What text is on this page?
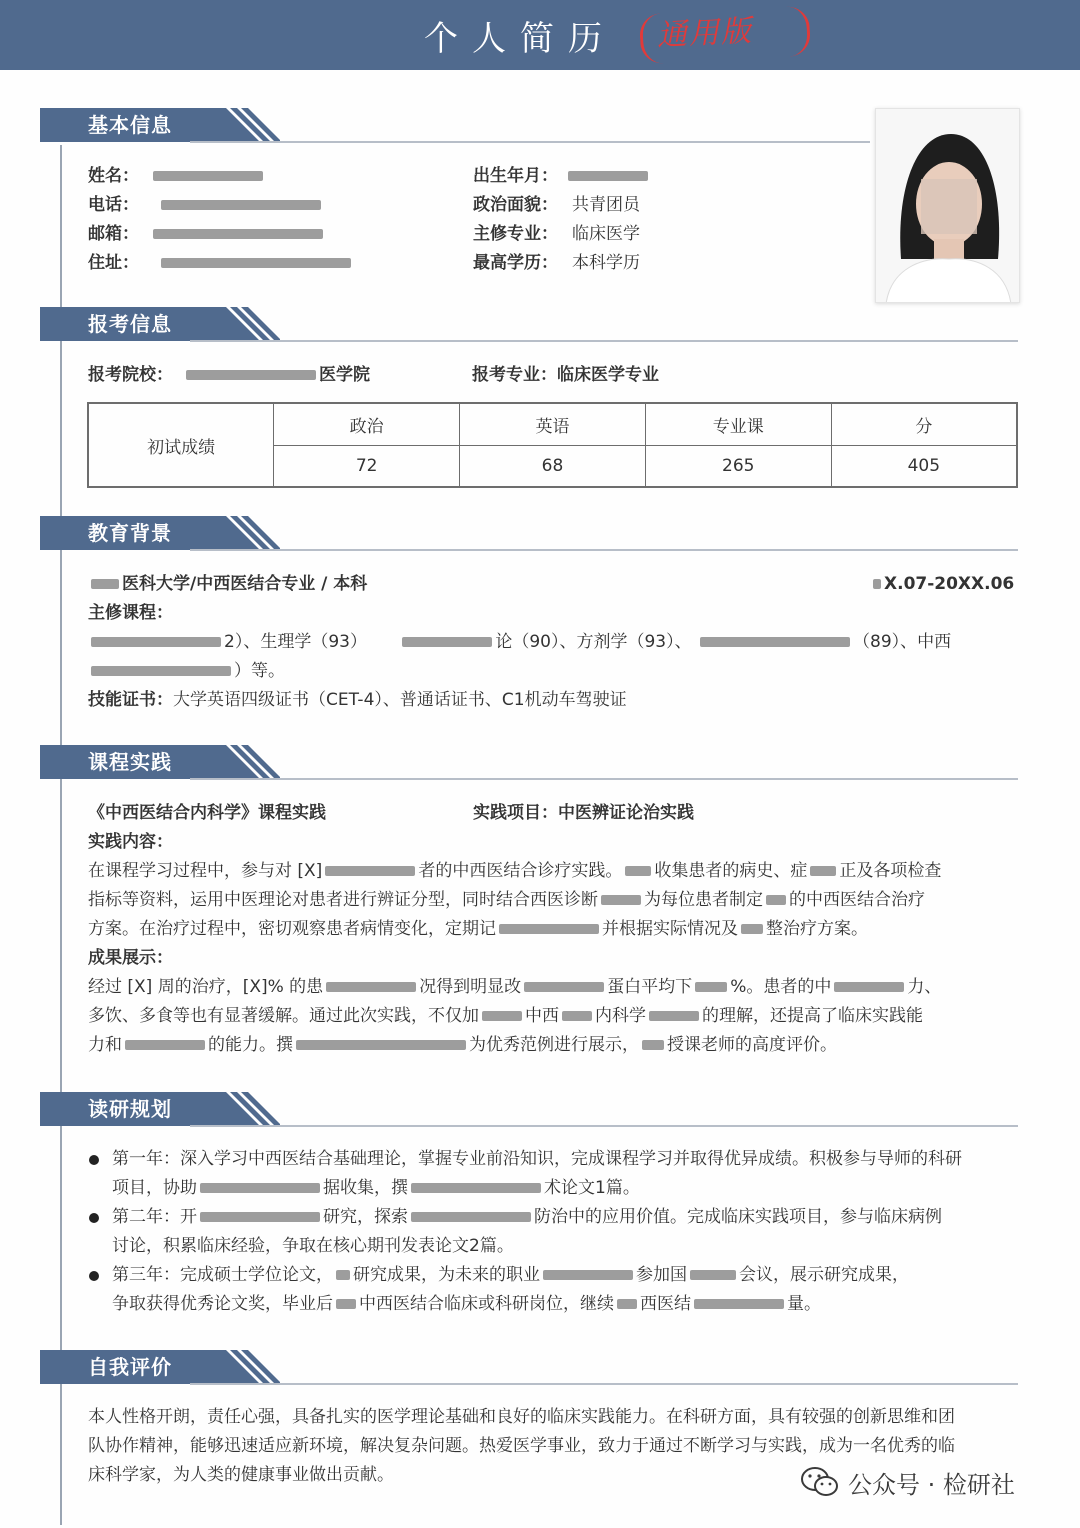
个人简历	通用版
基本信息
姓名：
电话：
邮箱：
住址：
出生年月：
政治面貌： 共青团员
主修专业： 临床医学
最高学历： 本科学历
报考信息
报考院校：	医学院	报考专业：临床医学专业
初试成绩	政治	英语	专业课	分
	72	68	265	405
教育背景
医科大学/中西医结合专业 / 本科	X.07-20XX.06
主修课程：
2）、生理学（93）	论（90）、方剂学（93）、	（89）、中西
）等。
技能证书：大学英语四级证书（CET-4）、普通话证书、C1机动车驾驶证
课程实践
《中西医结合内科学》课程实践	实践项目：中医辨证论治实践
实践内容：
在课程学习过程中，参与对 [X]	者的中西医结合诊疗实践。 收集患者的病史、症 正及各项检查
指标等资料，运用中医理论对患者进行辨证分型，同时结合西医诊断	为每位患者制定 的中西医结合治疗
方案。在治疗过程中，密切观察患者病情变化，定期记	并根据实际情况及 整治疗方案。
成果展示：
经过 [X] 周的治疗，[X]% 的患	况得到明显改	蛋白平均下 %。患者的中	力、
多饮、多食等也有显著缓解。通过此次实践，不仅加	中西 内科学	的理解，还提高了临床实践能
力和	的能力。撰	为优秀范例进行展示， 授课老师的高度评价。
读研规划
第一年：深入学习中西医结合基础理论，掌握专业前沿知识，完成课程学习并取得优异成绩。积极参与导师的科研
项目，协助	据收集，撰	术论文1篇。
第二年：开	研究，探索	防治中的应用价值。完成临床实践项目，参与临床病例
讨论，积累临床经验，争取在核心期刊发表论文2篇。
第三年：完成硕士学位论文， 研究成果，为未来的职业	参加国	会议，展示研究成果，
争取获得优秀论文奖，毕业后 中西医结合临床或科研岗位，继续 西医结	量。
自我评价
本人性格开朗，责任心强，具备扎实的医学理论基础和良好的临床实践能力。在科研方面，具有较强的创新思维和团
队协作精神，能够迅速适应新环境，解决复杂问题。热爱医学事业，致力于通过不断学习与实践，成为一名优秀的临
床科学家，为人类的健康事业做出贡献。	公众号 · 检研社
